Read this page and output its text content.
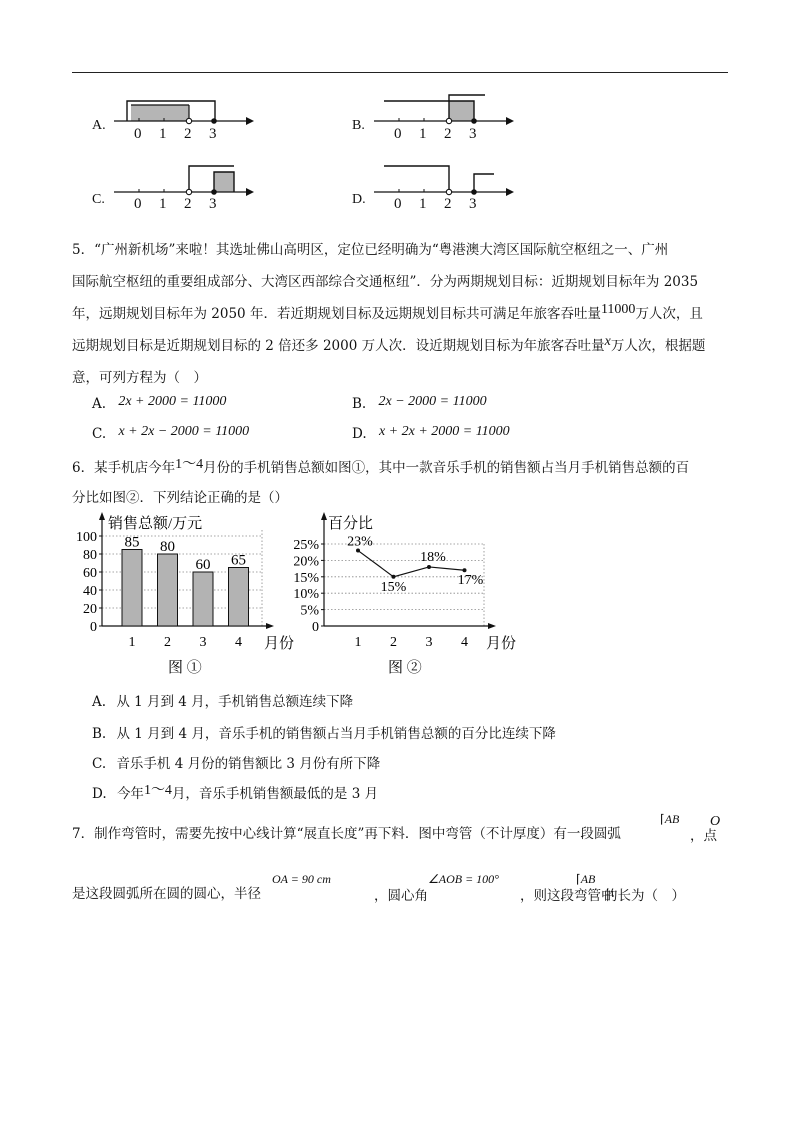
A.	B.
C.	D.
0 1 2 3	0 1 2 3
0 1 2 3	0 1 2 3
5．“广州新机场”来啦！其选址佛山高明区，定位已经明确为“粤港澳大湾区国际航空枢纽之一、广州
国际航空枢纽的重要组成部分、大湾区西部综合交通枢纽”．分为两期规划目标：近期规划目标年为 2035
年，远期规划目标年为 2050 年．若近期规划目标及远期规划目标共可满足年旅客吞吐量11000万人次，且
远期规划目标是近期规划目标的 2 倍还多 2000 万人次．设近期规划目标为年旅客吞吐量x万人次，根据题
意，可列方程为（　）
A. 2x + 2000 = 11000	B. 2x − 2000 = 11000
C. x + 2x − 2000 = 11000	D. x + 2x + 2000 = 11000
6．某手机店今年1～4月份的手机销售总额如图①，其中一款音乐手机的销售额占当月手机销售总额的百
分比如图②．下列结论正确的是（）
0
20
40
60
80
100
销售总额/万元
月份
85
1
80
2
60
3
65
4
图 ①
0
5%
10%
15%
20%
25%
百分比
月份
23%
1
15%
2
18%
3
17%
4
图 ②
A. 从 1 月到 4 月，手机销售总额连续下降
B. 从 1 月到 4 月，音乐手机的销售额占当月手机销售总额的百分比连续下降
C. 音乐手机 4 月份的销售额比 3 月份有所下降
D. 今年1～4月，音乐手机销售额最低的是 3 月
7．制作弯管时，需要先按中心线计算“展直长度”再下料．图中弯管（不计厚度）有一段圆弧
⌈AB
，点
O
是这段圆弧所在圆的圆心，半径
OA = 90 cm
，圆心角
∠AOB = 100°
，则这段弯管中
⌈AB
的长为（　）
